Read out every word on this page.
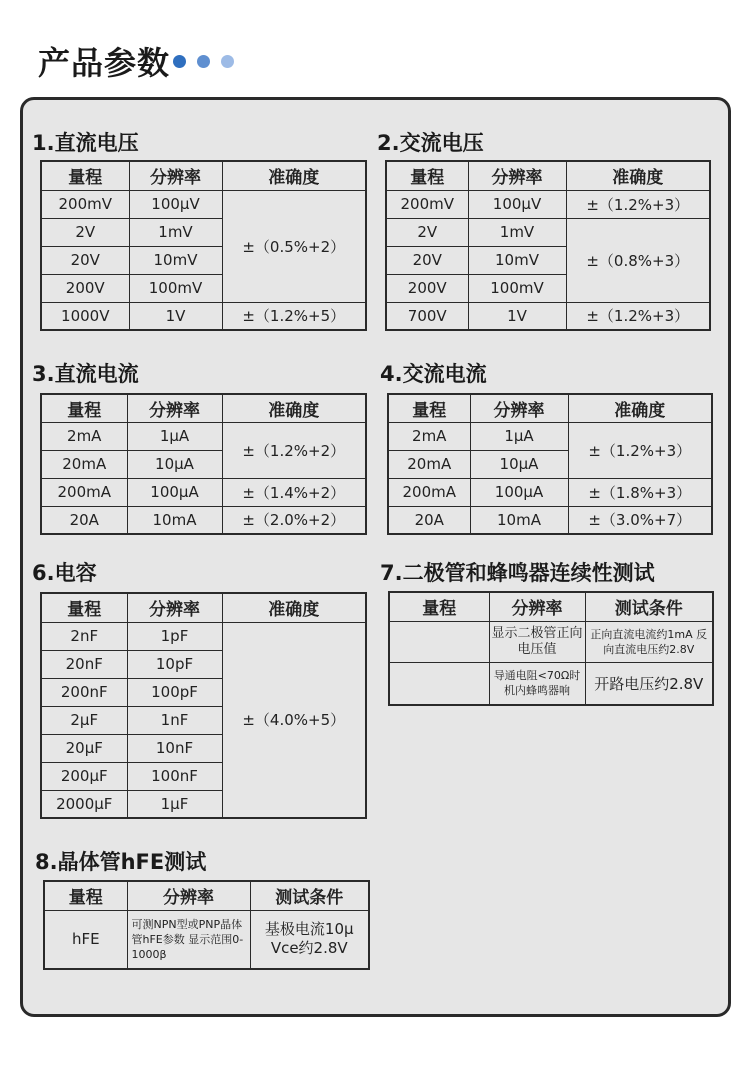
产品参数
1.直流电压
量程	分辨率	准确度
200mV	100μV	±（0.5%+2）
2V	1mV	
20V	10mV	
200V	100mV	
1000V	1V	±（1.2%+5）
2.交流电压
量程	分辨率	准确度
200mV	100μV	±（1.2%+3）
2V	1mV	±（0.8%+3）
20V	10mV	
200V	100mV	
700V	1V	±（1.2%+3）
3.直流电流
量程	分辨率	准确度
2mA	1μA	±（1.2%+2）
20mA	10μA	
200mA	100μA	±（1.4%+2）
20A	10mA	±（2.0%+2）
4.交流电流
量程	分辨率	准确度
2mA	1μA	±（1.2%+3）
20mA	10μA	
200mA	100μA	±（1.8%+3）
20A	10mA	±（3.0%+7）
6.电容
量程	分辨率	准确度
2nF	1pF	±（4.0%+5）
20nF	10pF	
200nF	100pF	
2μF	1nF	
20μF	10nF	
200μF	100nF	
2000μF	1μF	
7.二极管和蜂鸣器连续性测试
量程	分辨率	测试条件
	显示二极管正向电压值	正向直流电流约1mA 反向直流电压约2.8V
	导通电阻<70Ω时机内蜂鸣器响	开路电压约2.8V
8.晶体管hFE测试
量程	分辨率	测试条件
hFE	可测NPN型或PNP晶体管hFE参数 显示范围0-1000β	基极电流10μ Vce约2.8V
